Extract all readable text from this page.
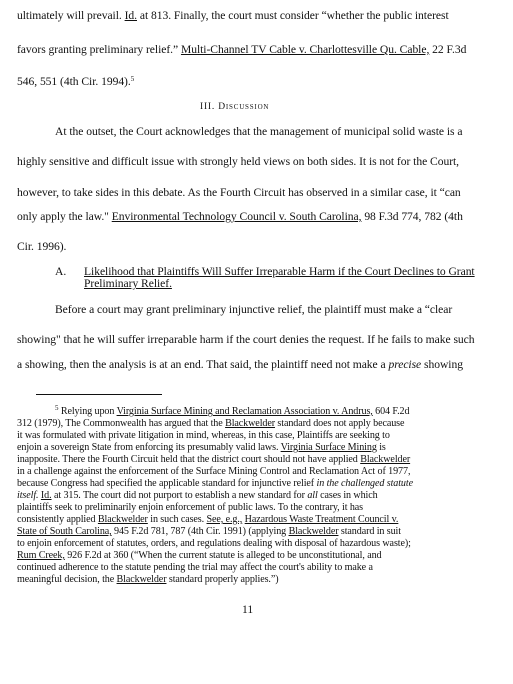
ultimately will prevail. Id. at 813. Finally, the court must consider “whether the public interest
favors granting preliminary relief.” Multi-Channel TV Cable v. Charlottesville Qu. Cable, 22 F.3d
546, 551 (4th Cir. 1994).$^5$
III. Discussion
At the outset, the Court acknowledges that the management of municipal solid waste is a
highly sensitive and difficult issue with strongly held views on both sides. It is not for the Court,
however, to take sides in this debate. As the Fourth Circuit has observed in a similar case, it “can
only apply the law." Environmental Technology Council v. South Carolina, 98 F.3d 774, 782 (4th
Cir. 1996).
A. Likelihood that Plaintiffs Will Suffer Irreparable Harm if the Court Declines to Grant
Preliminary Relief.
Before a court may grant preliminary injunctive relief, the plaintiff must make a “clear
showing" that he will suffer irreparable harm if the court denies the request. If he fails to make such
a showing, then the analysis is at an end. That said, the plaintiff need not make a precise showing
$^5$ Relying upon Virginia Surface Mining and Reclamation Association v. Andrus, 604 F.2d
312 (1979), The Commonwealth has argued that the Blackwelder standard does not apply because
it was formulated with private litigation in mind, whereas, in this case, Plaintiffs are seeking to
enjoin a sovereign State from enforcing its presumably valid laws. Virginia Surface Mining is
inapposite. There the Fourth Circuit held that the district court should not have applied Blackwelder
in a challenge against the enforcement of the Surface Mining Control and Reclamation Act of 1977,
because Congress had specified the applicable standard for injunctive relief in the challenged statute
itself. Id. at 315. The court did not purport to establish a new standard for all cases in which
plaintiffs seek to preliminarily enjoin enforcement of public laws. To the contrary, it has
consistently applied Blackwelder in such cases. See, e.g., Hazardous Waste Treatment Council v.
State of South Carolina, 945 F.2d 781, 787 (4th Cir. 1991) (applying Blackwelder standard in suit
to enjoin enforcement of statutes, orders, and regulations dealing with disposal of hazardous waste);
Rum Creek, 926 F.2d at 360 (“When the current statute is alleged to be unconstitutional, and
continued adherence to the statute pending the trial may affect the court's ability to make a
meaningful decision, the Blackwelder standard properly applies.”)
11
